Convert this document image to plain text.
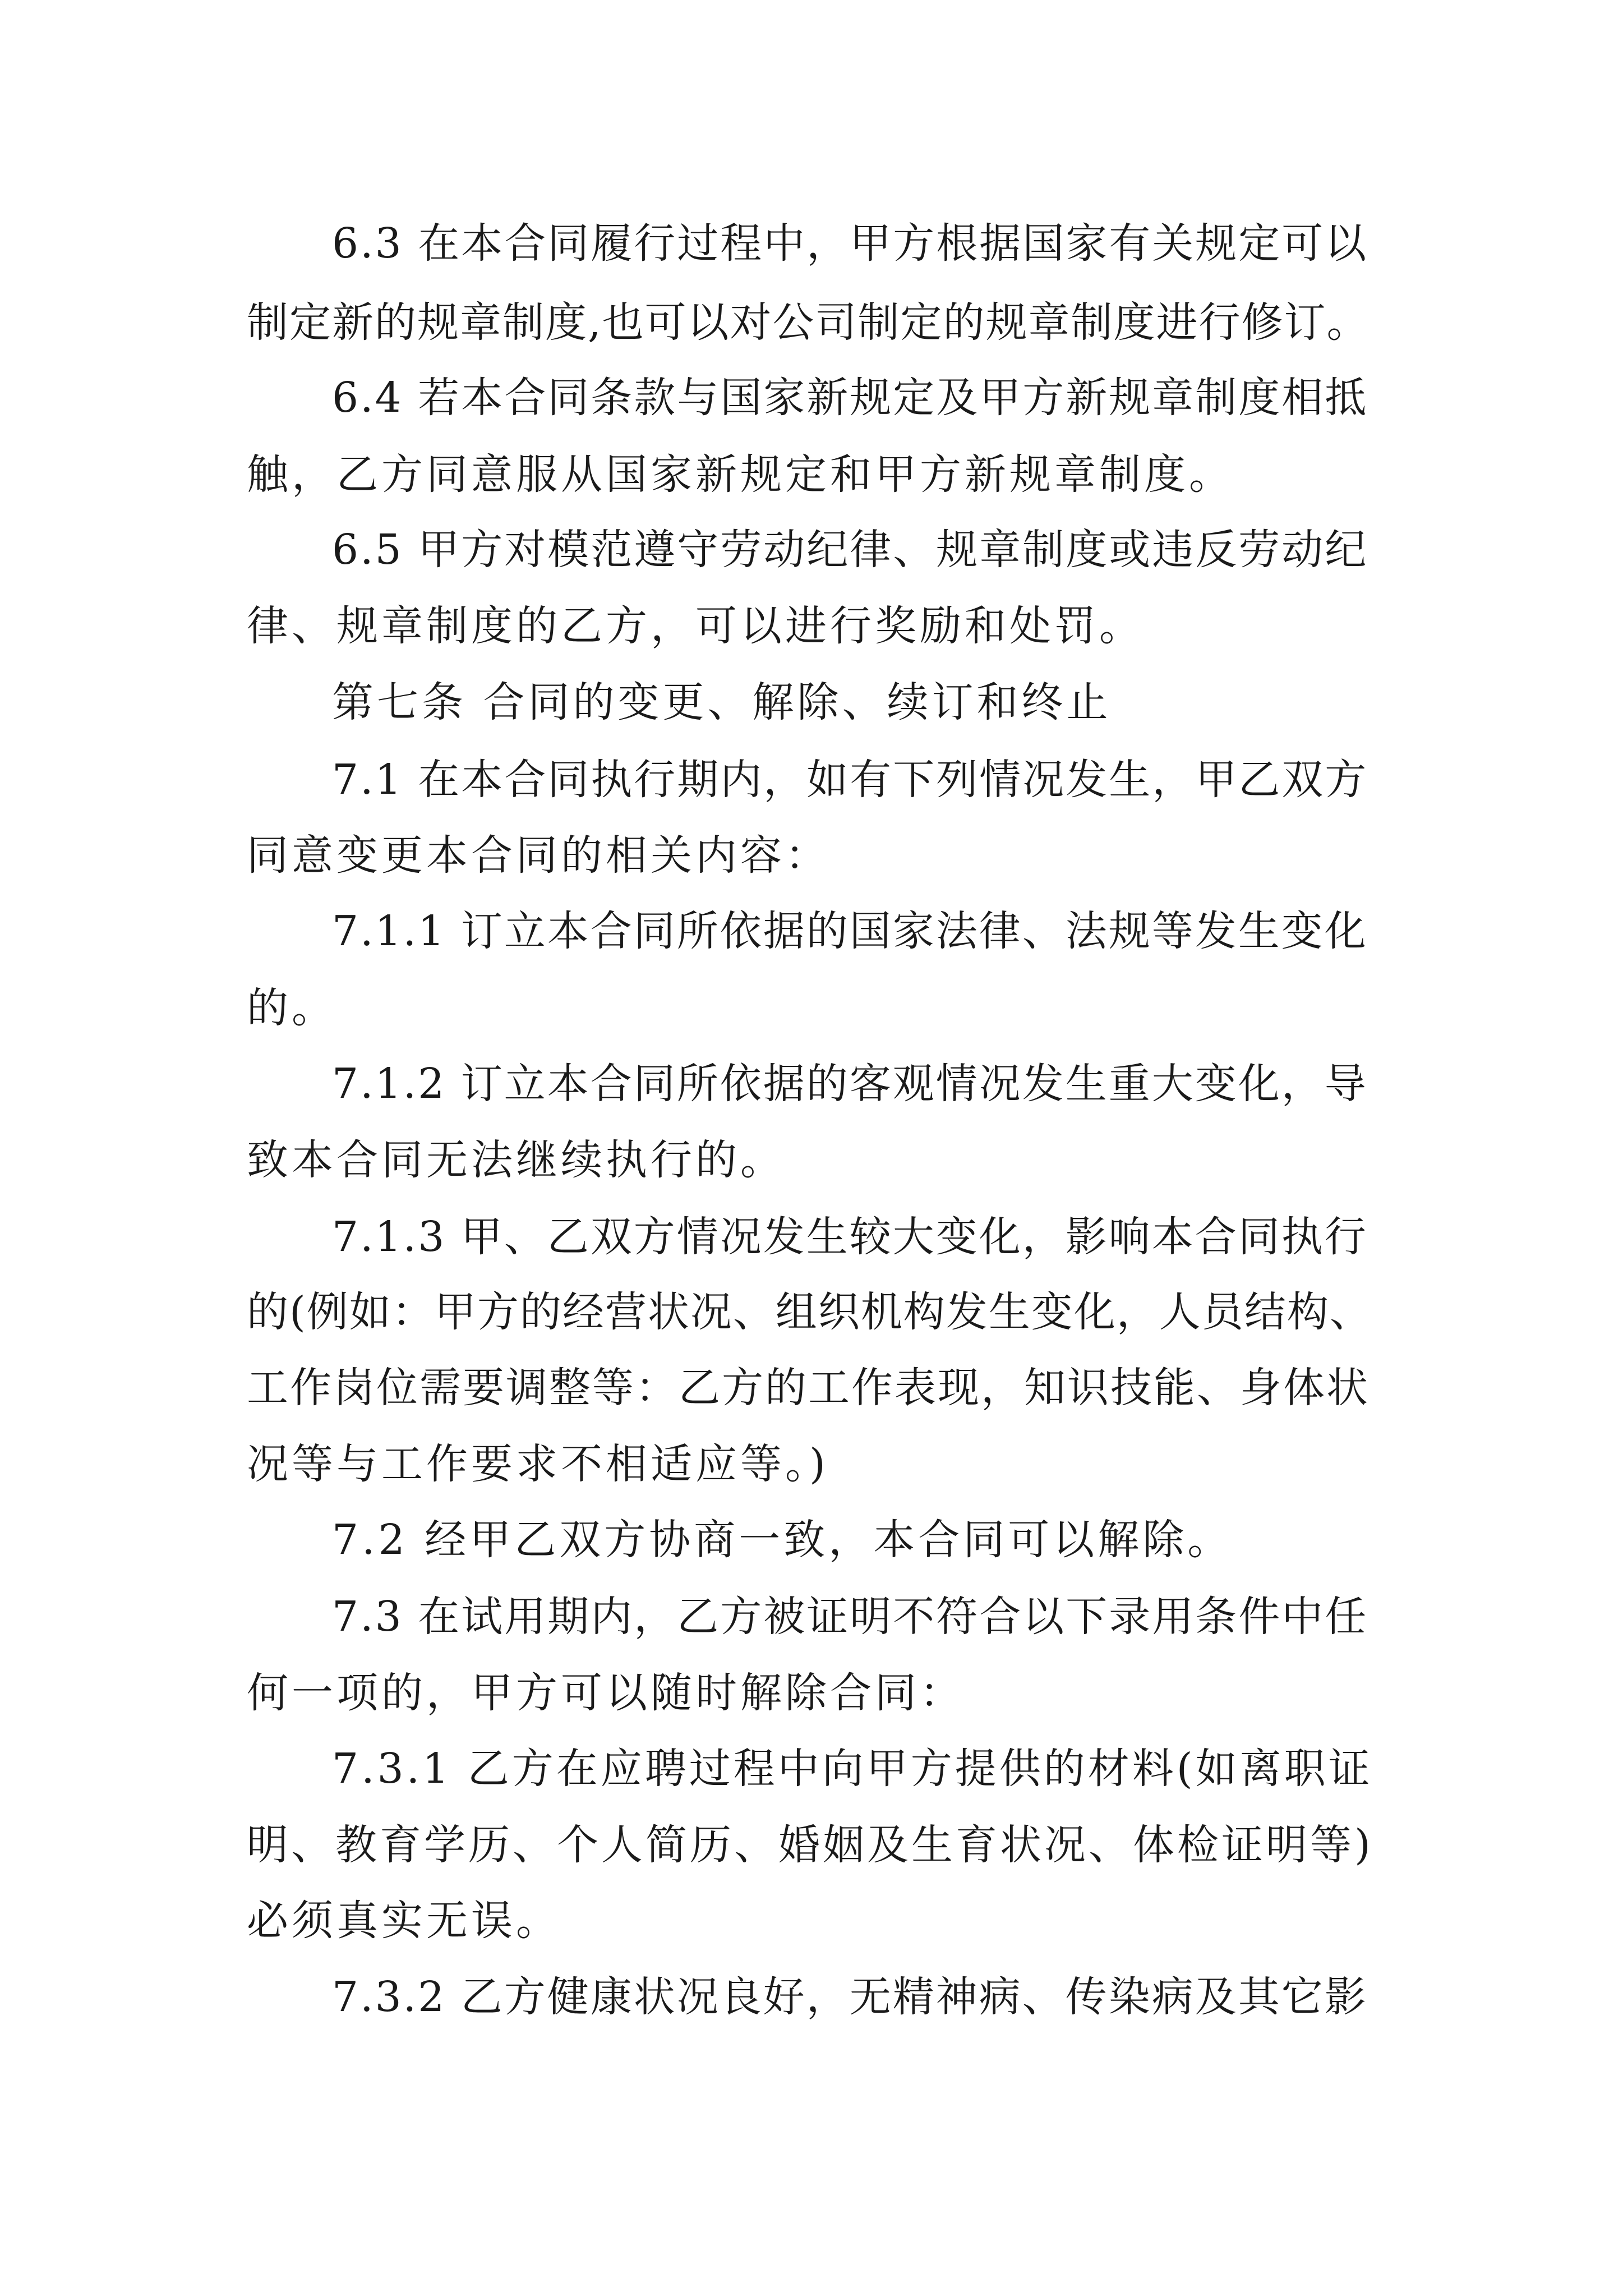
6.3 在本合同履行过程中，甲方根据国家有关规定可以
制定新的规章制度,也可以对公司制定的规章制度进行修订。
6.4 若本合同条款与国家新规定及甲方新规章制度相抵
触，乙方同意服从国家新规定和甲方新规章制度。
6.5 甲方对模范遵守劳动纪律、规章制度或违反劳动纪
律、规章制度的乙方，可以进行奖励和处罚。
第七条 合同的变更、解除、续订和终止
7.1 在本合同执行期内，如有下列情况发生，甲乙双方
同意变更本合同的相关内容：
7.1.1 订立本合同所依据的国家法律、法规等发生变化
的。
7.1.2 订立本合同所依据的客观情况发生重大变化，导
致本合同无法继续执行的。
7.1.3 甲、乙双方情况发生较大变化，影响本合同执行
的(例如：甲方的经营状况、组织机构发生变化，人员结构、
工作岗位需要调整等：乙方的工作表现，知识技能、身体状
况等与工作要求不相适应等。)
7.2 经甲乙双方协商一致，本合同可以解除。
7.3 在试用期内，乙方被证明不符合以下录用条件中任
何一项的，甲方可以随时解除合同：
7.3.1 乙方在应聘过程中向甲方提供的材料(如离职证
明、教育学历、个人简历、婚姻及生育状况、体检证明等)
必须真实无误。
7.3.2 乙方健康状况良好，无精神病、传染病及其它影
